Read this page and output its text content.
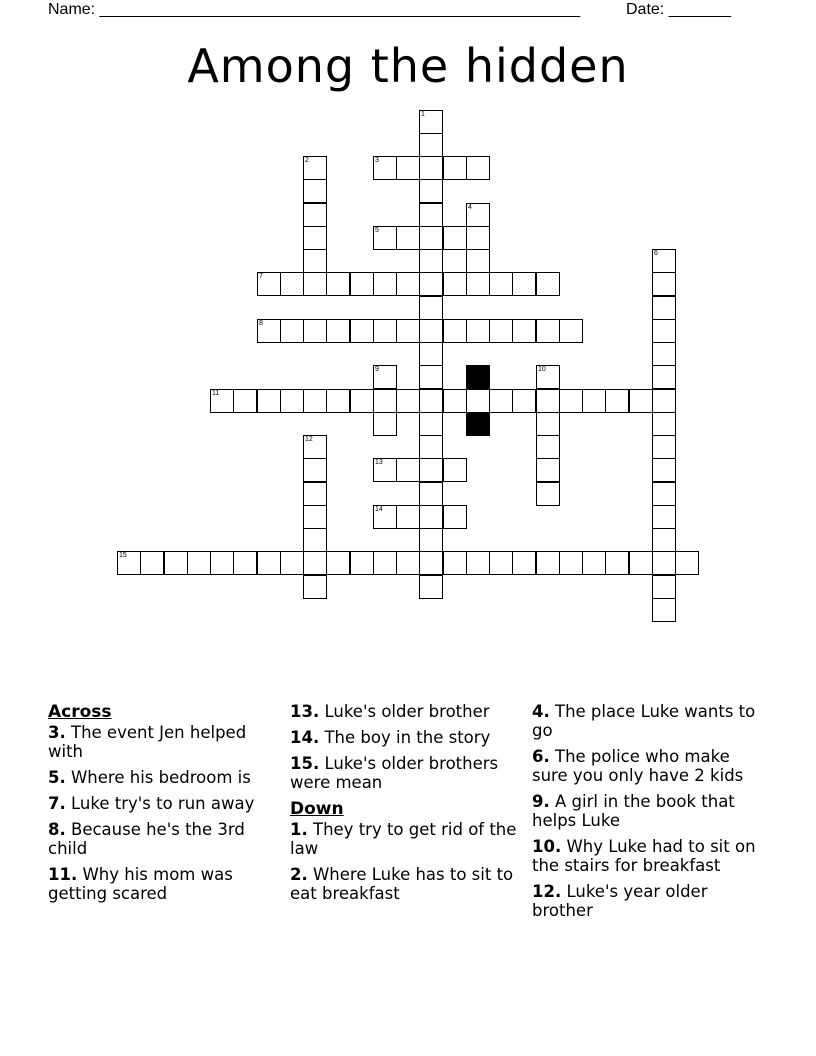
Name: ______________________________________________________	Date: _______
Among the hidden
1
2	3
4
5
6
7
8
9	10
11
12
13
14
15
Across
3. The event Jen helped with
5. Where his bedroom is
7. Luke try's to run away
8. Because he's the 3rd child
11. Why his mom was getting scared
13. Luke's older brother
14. The boy in the story
15. Luke's older brothers were mean
Down
1. They try to get rid of the law
2. Where Luke has to sit to eat breakfast
4. The place Luke wants to go
6. The police who make sure you only have 2 kids
9. A girl in the book that helps Luke
10. Why Luke had to sit on the stairs for breakfast
12. Luke's year older brother
